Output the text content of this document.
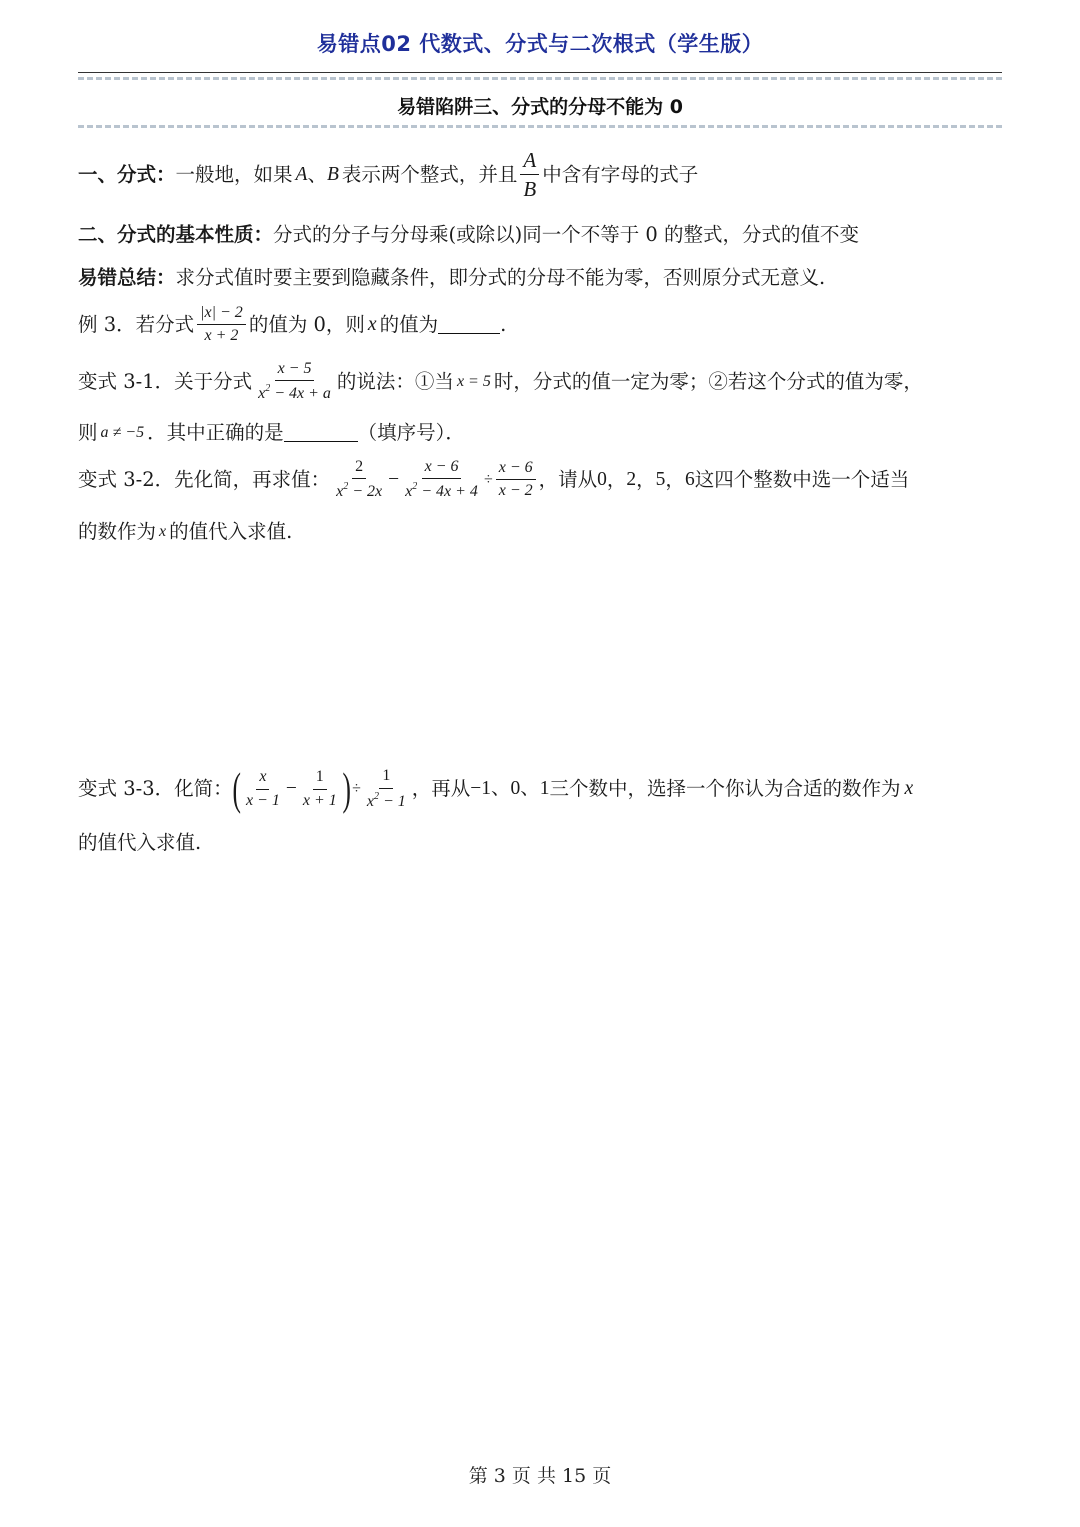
易错点02 代数式、分式与二次根式（学生版）
易错陷阱三、分式的分母不能为 0
一、分式： 一般地，如果 A 、 B 表示两个整式，并且 $\frac{A}{B}$ 中含有字母的式子
二、分式的基本性质： 分式的分子与分母乘(或除以)同一个不等于 0 的整式，分式的值不变
易错总结： 求分式值时要主要到隐藏条件，即分式的分母不能为零，否则原分式无意义.
例 3．若分式 $\frac{|x| - 2}{x + 2}$ 的值为 0，则 x 的值为	.
变式 3-1．关于分式 $\frac{x - 5}{x^2 - 4x + a}$ 的说法：①当 x = 5 时，分式的值一定为零；②若这个分式的值为零，
则 a ≠ −5 ．其中正确的是	（填序号）．
变式 3-2．先化简，再求值： $\frac{2}{x^2 - 2x} - \frac{x - 6}{x^2 - 4x + 4} \div \frac{x - 6}{x - 2}$ ，请从 0 ， 2 ， 5 ， 6 这四个整数中选一个适当
的数作为 x 的值代入求值.
变式 3-3．化简： ( $\frac{x}{x - 1} - \frac{1}{x + 1}$ ) ÷ $\frac{1}{x^2 - 1}$ ，再从 −1、0、1 三个数中，选择一个你认为合适的数作为 x
的值代入求值.
第 3 页 共 15 页
